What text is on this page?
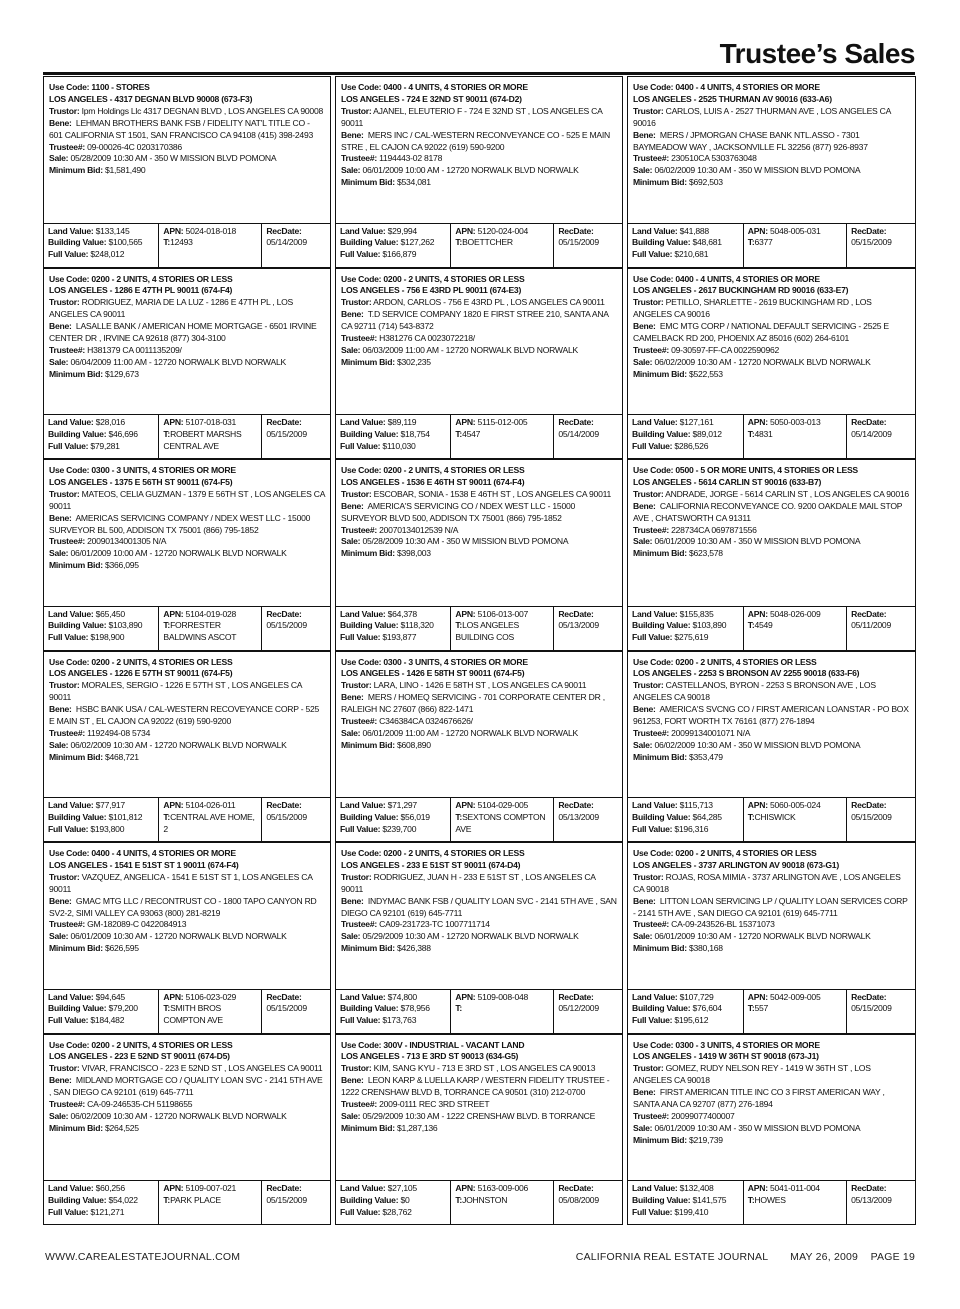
Trustee’s Sales
Use Code: 1100 - STORES
LOS ANGELES - 4317 DEGNAN BLVD 90008 (673-F3)
Trustor: Ipm Holdings Llc 4317 DEGNAN BLVD , LOS ANGELES CA 90008
Bene: LEHMAN BROTHERS BANK FSB / FIDELITY NAT'L TITLE CO - 601 CALIFORNIA ST 1501, SAN FRANCISCO CA 94108 (415) 398-2493
Trustee#: 09-00026-4C 0203170386
Sale: 05/28/2009 10:30 AM - 350 W MISSION BLVD POMONA
Minimum Bid: $1,581,490
Land Value: $133,145
Building Value: $100,565
Full Value: $248,012
APN: 5024-018-018
T:12493
RecDate:
05/14/2009
Use Code: 0400 - 4 UNITS, 4 STORIES OR MORE
LOS ANGELES - 724 E 32ND ST 90011 (674-D2)
Trustor: AJANEL, ELEUTERIO F - 724 E 32ND ST , LOS ANGELES CA 90011
Bene: MERS INC / CAL-WESTERN RECONVEYANCE CO - 525 E MAIN STRE , EL CAJON CA 92022 (619) 590-9200
Trustee#: 1194443-02 8178
Sale: 06/01/2009 10:00 AM - 12720 NORWALK BLVD NORWALK
Minimum Bid: $534,081
Land Value: $29,994
Building Value: $127,262
Full Value: $166,879
APN: 5120-024-004
T:BOETTCHER
RecDate:
05/15/2009
Use Code: 0400 - 4 UNITS, 4 STORIES OR MORE
LOS ANGELES - 2525 THURMAN AV 90016 (633-A6)
Trustor: CARLOS, LUIS A - 2527 THURMAN AVE , LOS ANGELES CA 90016
Bene: MERS / JPMORGAN CHASE BANK NTL.ASSO - 7301 BAYMEADOW WAY , JACKSONVILLE FL 32256 (877) 926-8937
Trustee#: 230510CA 5303763048
Sale: 06/02/2009 10:30 AM - 350 W MISSION BLVD POMONA
Minimum Bid: $692,503
Land Value: $41,888
Building Value: $48,681
Full Value: $210,681
APN: 5048-005-031
T:6377
RecDate:
05/15/2009
Use Code: 0200 - 2 UNITS, 4 STORIES OR LESS
LOS ANGELES - 1286 E 47TH PL 90011 (674-F4)
Trustor: RODRIGUEZ, MARIA DE LA LUZ - 1286 E 47TH PL , LOS ANGELES CA 90011
Bene: LASALLE BANK / AMERICAN HOME MORTGAGE - 6501 IRVINE CENTER DR , IRVINE CA 92618 (877) 304-3100
Trustee#: H381379 CA 0011135209/
Sale: 06/04/2009 11:00 AM - 12720 NORWALK BLVD NORWALK
Minimum Bid: $129,673
Land Value: $28,016
Building Value: $46,696
Full Value: $79,281
APN: 5107-018-031
T:ROBERT MARSHS CENTRAL AVE
RecDate:
05/15/2009
Use Code: 0200 - 2 UNITS, 4 STORIES OR LESS
LOS ANGELES - 756 E 43RD PL 90011 (674-E3)
Trustor: ARDON, CARLOS - 756 E 43RD PL , LOS ANGELES CA 90011
Bene: T.D SERVICE COMPANY 1820 E FIRST STREE 210, SANTA ANA CA 92711 (714) 543-8372
Trustee#: H381276 CA 0023072218/
Sale: 06/03/2009 11:00 AM - 12720 NORWALK BLVD NORWALK
Minimum Bid: $302,235
Land Value: $89,119
Building Value: $18,754
Full Value: $110,030
APN: 5115-012-005
T:4547
RecDate:
05/14/2009
Use Code: 0400 - 4 UNITS, 4 STORIES OR MORE
LOS ANGELES - 2617 BUCKINGHAM RD 90016 (633-E7)
Trustor: PETILLO, SHARLETTE - 2619 BUCKINGHAM RD , LOS ANGELES CA 90016
Bene: EMC MTG CORP / NATIONAL DEFAULT SERVICING - 2525 E CAMELBACK RD 200, PHOENIX AZ 85016 (602) 264-6101
Trustee#: 09-30597-FF-CA 0022590962
Sale: 06/02/2009 10:30 AM - 12720 NORWALK BLVD NORWALK
Minimum Bid: $522,553
Land Value: $127,161
Building Value: $89,012
Full Value: $286,526
APN: 5050-003-013
T:4831
RecDate:
05/14/2009
Use Code: 0300 - 3 UNITS, 4 STORIES OR MORE
LOS ANGELES - 1375 E 56TH ST 90011 (674-F5)
Trustor: MATEOS, CELIA GUZMAN - 1379 E 56TH ST , LOS ANGELES CA 90011
Bene: AMERICAS SERVICING COMPANY / NDEX WEST LLC - 15000 SURVEYOR BL 500, ADDISON TX 75001 (866) 795-1852
Trustee#: 20090134001305 N/A
Sale: 06/01/2009 10:00 AM - 12720 NORWALK BLVD NORWALK
Minimum Bid: $366,095
Land Value: $65,450
Building Value: $103,890
Full Value: $198,900
APN: 5104-019-028
T:FORRESTER BALDWINS ASCOT
RecDate:
05/15/2009
Use Code: 0200 - 2 UNITS, 4 STORIES OR LESS
LOS ANGELES - 1536 E 46TH ST 90011 (674-F4)
Trustor: ESCOBAR, SONIA - 1538 E 46TH ST , LOS ANGELES CA 90011
Bene: AMERICA'S SERVICING CO / NDEX WEST LLC - 15000 SURVEYOR BLVD 500, ADDISON TX 75001 (866) 795-1852
Trustee#: 20070134012539 N/A
Sale: 05/28/2009 10:30 AM - 350 W MISSION BLVD POMONA
Minimum Bid: $398,003
Land Value: $64,378
Building Value: $118,320
Full Value: $193,877
APN: 5106-013-007
T:LOS ANGELES BUILDING COS
RecDate:
05/13/2009
Use Code: 0500 - 5 OR MORE UNITS, 4 STORIES OR LESS
LOS ANGELES - 5614 CARLIN ST 90016 (633-B7)
Trustor: ANDRADE, JORGE - 5614 CARLIN ST , LOS ANGELES CA 90016
Bene: CALIFORNIA RECONVEYANCE CO. 9200 OAKDALE MAIL STOP AVE , CHATSWORTH CA 91311
Trustee#: 228734CA 0697871556
Sale: 06/01/2009 10:30 AM - 350 W MISSION BLVD POMONA
Minimum Bid: $623,578
Land Value: $155,835
Building Value: $103,890
Full Value: $275,619
APN: 5048-026-009
T:4549
RecDate:
05/11/2009
Use Code: 0200 - 2 UNITS, 4 STORIES OR LESS
LOS ANGELES - 1226 E 57TH ST 90011 (674-F5)
Trustor: MORALES, SERGIO - 1226 E 57TH ST , LOS ANGELES CA 90011
Bene: HSBC BANK USA / CAL-WESTERN RECOVEYANCE CORP - 525 E MAIN ST , EL CAJON CA 92022 (619) 590-9200
Trustee#: 1192494-08 5734
Sale: 06/02/2009 10:30 AM - 12720 NORWALK BLVD NORWALK
Minimum Bid: $468,721
Land Value: $77,917
Building Value: $101,812
Full Value: $193,800
APN: 5104-026-011
T:CENTRAL AVE HOME, 2
RecDate:
05/15/2009
Use Code: 0300 - 3 UNITS, 4 STORIES OR MORE
LOS ANGELES - 1426 E 58TH ST 90011 (674-F5)
Trustor: LARA, LINO - 1426 E 58TH ST , LOS ANGELES CA 90011
Bene: MERS / HOMEQ SERVICING - 701 CORPORATE CENTER DR , RALEIGH NC 27607 (866) 822-1471
Trustee#: C346384CA 0324676626/
Sale: 06/01/2009 11:00 AM - 12720 NORWALK BLVD NORWALK
Minimum Bid: $608,890
Land Value: $71,297
Building Value: $56,019
Full Value: $239,700
APN: 5104-029-005
T:SEXTONS COMPTON AVE
RecDate:
05/13/2009
Use Code: 0200 - 2 UNITS, 4 STORIES OR LESS
LOS ANGELES - 2253 S BRONSON AV 2255 90018 (633-F6)
Trustor: CASTELLANOS, BYRON - 2253 S BRONSON AVE , LOS ANGELES CA 90018
Bene: AMERICA'S SVCNG CO / FIRST AMERICAN LOANSTAR - PO BOX 961253, FORT WORTH TX 76161 (877) 276-1894
Trustee#: 20099134001071 N/A
Sale: 06/02/2009 10:30 AM - 350 W MISSION BLVD POMONA
Minimum Bid: $353,479
Land Value: $115,713
Building Value: $64,285
Full Value: $196,316
APN: 5060-005-024
T:CHISWICK
RecDate:
05/15/2009
Use Code: 0400 - 4 UNITS, 4 STORIES OR MORE
LOS ANGELES - 1541 E 51ST ST 1 90011 (674-F4)
Trustor: VAZQUEZ, ANGELICA - 1541 E 51ST ST 1, LOS ANGELES CA 90011
Bene: GMAC MTG LLC / RECONTRUST CO - 1800 TAPO CANYON RD SV2-2, SIMI VALLEY CA 93063 (800) 281-8219
Trustee#: GM-182089-C 0422084913
Sale: 06/01/2009 10:30 AM - 12720 NORWALK BLVD NORWALK
Minimum Bid: $626,595
Land Value: $94,645
Building Value: $79,200
Full Value: $184,482
APN: 5106-023-029
T:SMITH BROS COMPTON AVE
RecDate:
05/15/2009
Use Code: 0200 - 2 UNITS, 4 STORIES OR LESS
LOS ANGELES - 233 E 51ST ST 90011 (674-D4)
Trustor: RODRIGUEZ, JUAN H - 233 E 51ST ST , LOS ANGELES CA 90011
Bene: INDYMAC BANK FSB / QUALITY LOAN SVC - 2141 5TH AVE , SAN DIEGO CA 92101 (619) 645-7711
Trustee#: CA09-231723-TC 1007711714
Sale: 05/29/2009 10:30 AM - 12720 NORWALK BLVD NORWALK
Minimum Bid: $426,388
Land Value: $74,800
Building Value: $78,956
Full Value: $173,763
APN: 5109-008-048
T:
RecDate:
05/12/2009
Use Code: 0200 - 2 UNITS, 4 STORIES OR LESS
LOS ANGELES - 3737 ARLINGTON AV 90018 (673-G1)
Trustor: ROJAS, ROSA MIMIA - 3737 ARLINGTON AVE , LOS ANGELES CA 90018
Bene: LITTON LOAN SERVICING LP / QUALITY LOAN SERVICES CORP - 2141 5TH AVE , SAN DIEGO CA 92101 (619) 645-7711
Trustee#: CA-09-243526-BL 15371073
Sale: 06/01/2009 10:30 AM - 12720 NORWALK BLVD NORWALK
Minimum Bid: $380,168
Land Value: $107,729
Building Value: $76,604
Full Value: $195,612
APN: 5042-009-005
T:557
RecDate:
05/15/2009
Use Code: 0200 - 2 UNITS, 4 STORIES OR LESS
LOS ANGELES - 223 E 52ND ST 90011 (674-D5)
Trustor: VIVAR, FRANCISCO - 223 E 52ND ST , LOS ANGELES CA 90011
Bene: MIDLAND MORTGAGE CO / QUALITY LOAN SVC - 2141 5TH AVE , SAN DIEGO CA 92101 (619) 645-7711
Trustee#: CA-09-246535-CH 51198655
Sale: 06/02/2009 10:30 AM - 12720 NORWALK BLVD NORWALK
Minimum Bid: $264,525
Land Value: $60,256
Building Value: $54,022
Full Value: $121,271
APN: 5109-007-021
T:PARK PLACE
RecDate:
05/15/2009
Use Code: 300V - INDUSTRIAL - VACANT LAND
LOS ANGELES - 713 E 3RD ST 90013 (634-G5)
Trustor: KIM, SANG KYU - 713 E 3RD ST , LOS ANGELES CA 90013
Bene: LEON KARP & LUELLA KARP / WESTERN FIDELITY TRUSTEE - 1222 CRENSHAW BLVD B, TORRANCE CA 90501 (310) 212-0700
Trustee#: 2009-0111 REC 3RD STREET
Sale: 05/29/2009 10:30 AM - 1222 CRENSHAW BLVD. B TORRANCE
Minimum Bid: $1,287,136
Land Value: $27,105
Building Value: $0
Full Value: $28,762
APN: 5163-009-006
T:JOHNSTON
RecDate:
05/08/2009
Use Code: 0300 - 3 UNITS, 4 STORIES OR MORE
LOS ANGELES - 1419 W 36TH ST 90018 (673-J1)
Trustor: GOMEZ, RUDY NELSON REY - 1419 W 36TH ST , LOS ANGELES CA 90018
Bene: FIRST AMERICAN TITLE INC CO 3 FIRST AMERICAN WAY , SANTA ANA CA 92707 (877) 276-1894
Trustee#: 20099077400007
Sale: 06/01/2009 10:30 AM - 350 W MISSION BLVD POMONA
Minimum Bid: $219,739
Land Value: $132,408
Building Value: $141,575
Full Value: $199,410
APN: 5041-011-004
T:HOWES
RecDate:
05/13/2009
WWW.CAREALESTATEJOURNAL.COM	CALIFORNIA REAL ESTATE JOURNAL MAY 26, 2009 PAGE 19
